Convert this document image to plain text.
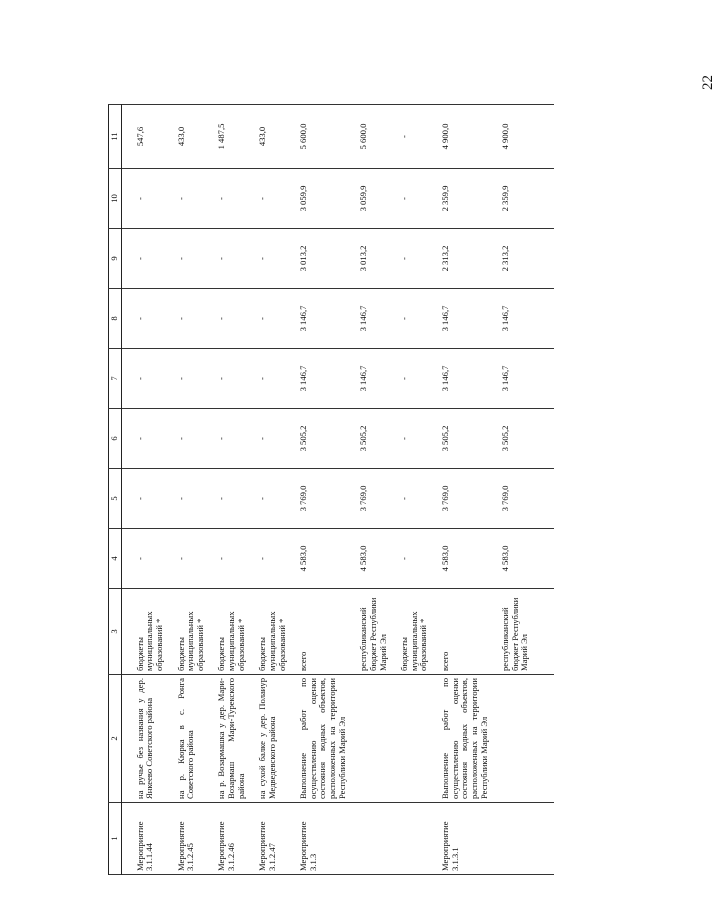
22
1	2	3	4	5	6	7	8	9	10	11
Мероприятие 3.1.1.44	на ручье без названия у дер. Янкеево Советского района	бюджеты муниципальных образований *	-	-	-	-	-	-	-	547,6
Мероприятие 3.1.2.45	на р. Кюрка в с. Ронга Советского района	бюджеты муниципальных образований *	-	-	-	-	-	-	-	433,0
Мероприятие 3.1.2.46	на р. Возармашка у дер. Мари-Возармаш Мари-Турекского района	бюджеты муниципальных образований *	-	-	-	-	-	-	-	1 487,5
Мероприятие 3.1.2.47	на сухой балке у дер. Полаиур Медведевского района	бюджеты муниципальных образований *	-	-	-	-	-	-	-	433,0
Мероприятие 3.1.3	Выполнение работ по осуществлению оценки состояния водных объектов, расположенных на территории Республики Марий Эл	всего	4 583,0	3 769,0	3 505,2	3 146,7	3 146,7	3 013,2	3 059,9	5 600,0
		республиканский бюджет Республики Марий Эл	4 583,0	3 769,0	3 505,2	3 146,7	3 146,7	3 013,2	3 059,9	5 600,0
		бюджеты муниципальных образований *	-	-	-	-	-	-	-	-
Мероприятие 3.1.3.1	Выполнение работ по осуществлению оценки состояния водных объектов, расположенных на территории Республики Марий Эл	всего	4 583,0	3 769,0	3 505,2	3 146,7	3 146,7	2 313,2	2 359,9	4 900,0
		республиканский бюджет Республики Марий Эл	4 583,0	3 769,0	3 505,2	3 146,7	3 146,7	2 313,2	2 359,9	4 900,0
